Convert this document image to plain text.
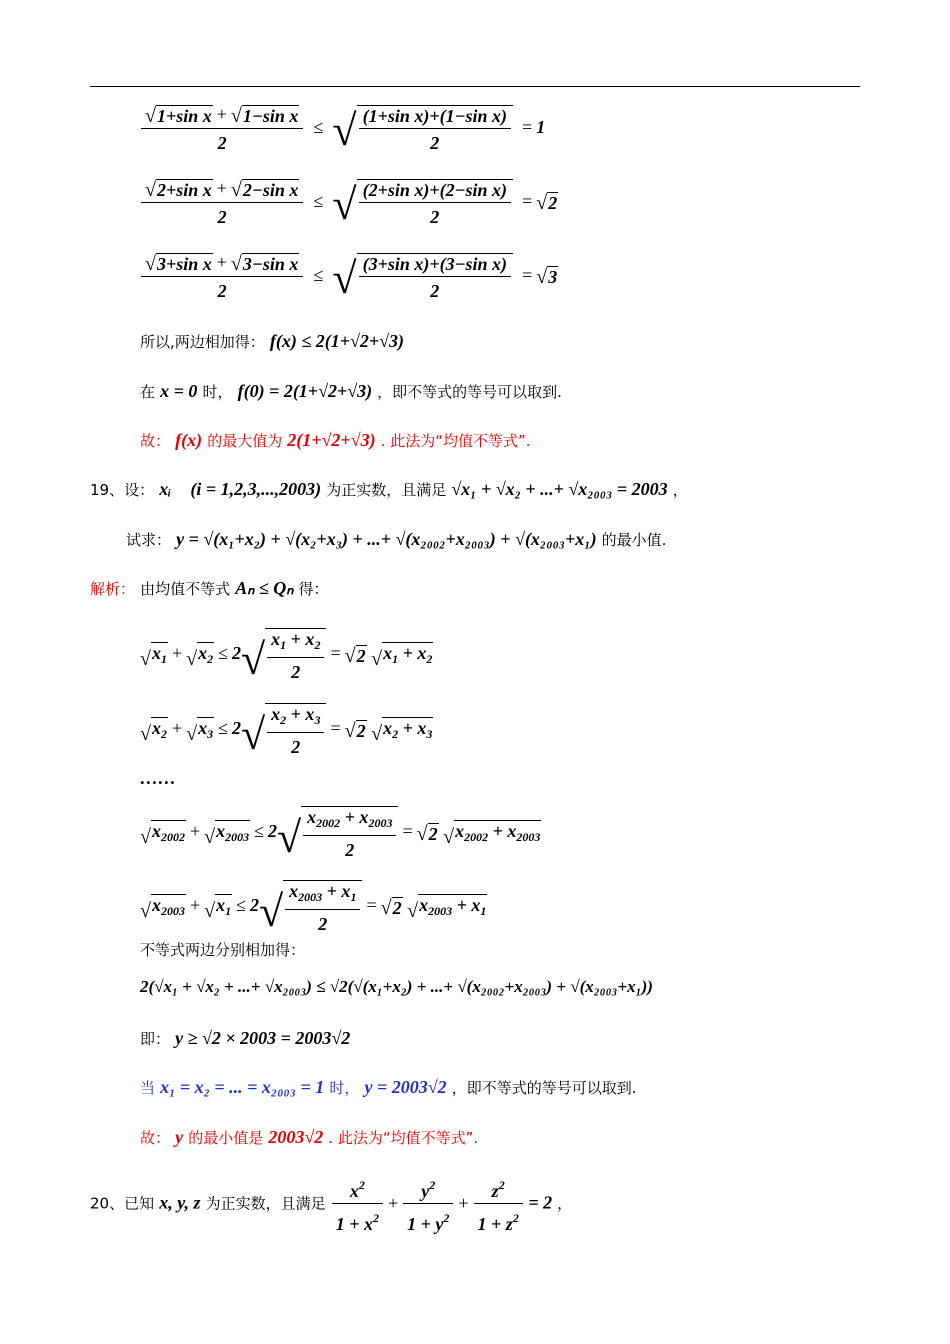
$\frac{\text{√ 1+sin x + √ 1−sin x}}{2}$ ≤ √ $\frac{\text{(1+sin x)+(1−sin x)}}{2} = 1$
$\frac{\text{√ 2+sin x + √ 2−sin x}}{2}$ ≤ √ $\frac{\text{(2+sin x)+(2−sin x)}}{2}$ = √ 2
$\frac{\text{√ 3+sin x + √ 3−sin x}}{2}$ ≤ √ $\frac{\text{(3+sin x)+(3−sin x)}}{2}$ = √ 3
所以,两边相加得： f(x) ≤ 2(1+√2+√3)
在 x = 0 时， f(0) = 2(1+√2+√3) ，即不等式的等号可以取到.
故： f(x) 的最大值为 2(1+√2+√3) . 此法为“均值不等式”.
19、设： xᵢ (i = 1,2,3,...,2003) 为正实数，且满足 √x₁ + √x₂ + ...+ √x₂₀₀₃ = 2003 ，
试求： y = √(x₁+x₂) + √(x₂+x₃) + ...+ √(x₂₀₀₂+x₂₀₀₃) + √(x₂₀₀₃+x₁) 的最小值.
解析： 由均值不等式 Aₙ ≤ Qₙ 得：
√ $x_1$ + √ $x_2 \le 2$ √ $\frac{x_1 + x_2}{2}$ = √ 2
√ $x_1 + x_2$
√ $x_2$ + √ $x_3 \le 2$ √ $\frac{x_2 + x_3}{2}$ = √ 2
√ $x_2 + x_3$
……
√ $x_{2002}$ + √ $x_{2003} \le 2$ √ $\frac{x_{2002} + x_{2003}}{2}$ = √ 2
√ $x_{2002} + x_{2003}$
√ $x_{2003}$ + √ $x_1 \le 2$ √ $\frac{x_{2003} + x_1}{2}$ = √ 2
√ $x_{2003} + x_1$
不等式两边分别相加得：
2(√x₁ + √x₂ + ...+ √x₂₀₀₃) ≤ √2(√(x₁+x₂) + ...+ √(x₂₀₀₂+x₂₀₀₃) + √(x₂₀₀₃+x₁))
即： y ≥ √2 × 2003 = 2003√2
当 x₁ = x₂ = ... = x₂₀₀₃ = 1 时， y = 2003√2 ，即不等式的等号可以取到.
故： y 的最小值是 2003√2 . 此法为“均值不等式”.
20、已知 x, y, z 为正实数，且满足 $\frac{x^2}{1 + x^2} + \frac{y^2}{1 + y^2} + \frac{z^2}{1 + z^2} = 2$ ，
